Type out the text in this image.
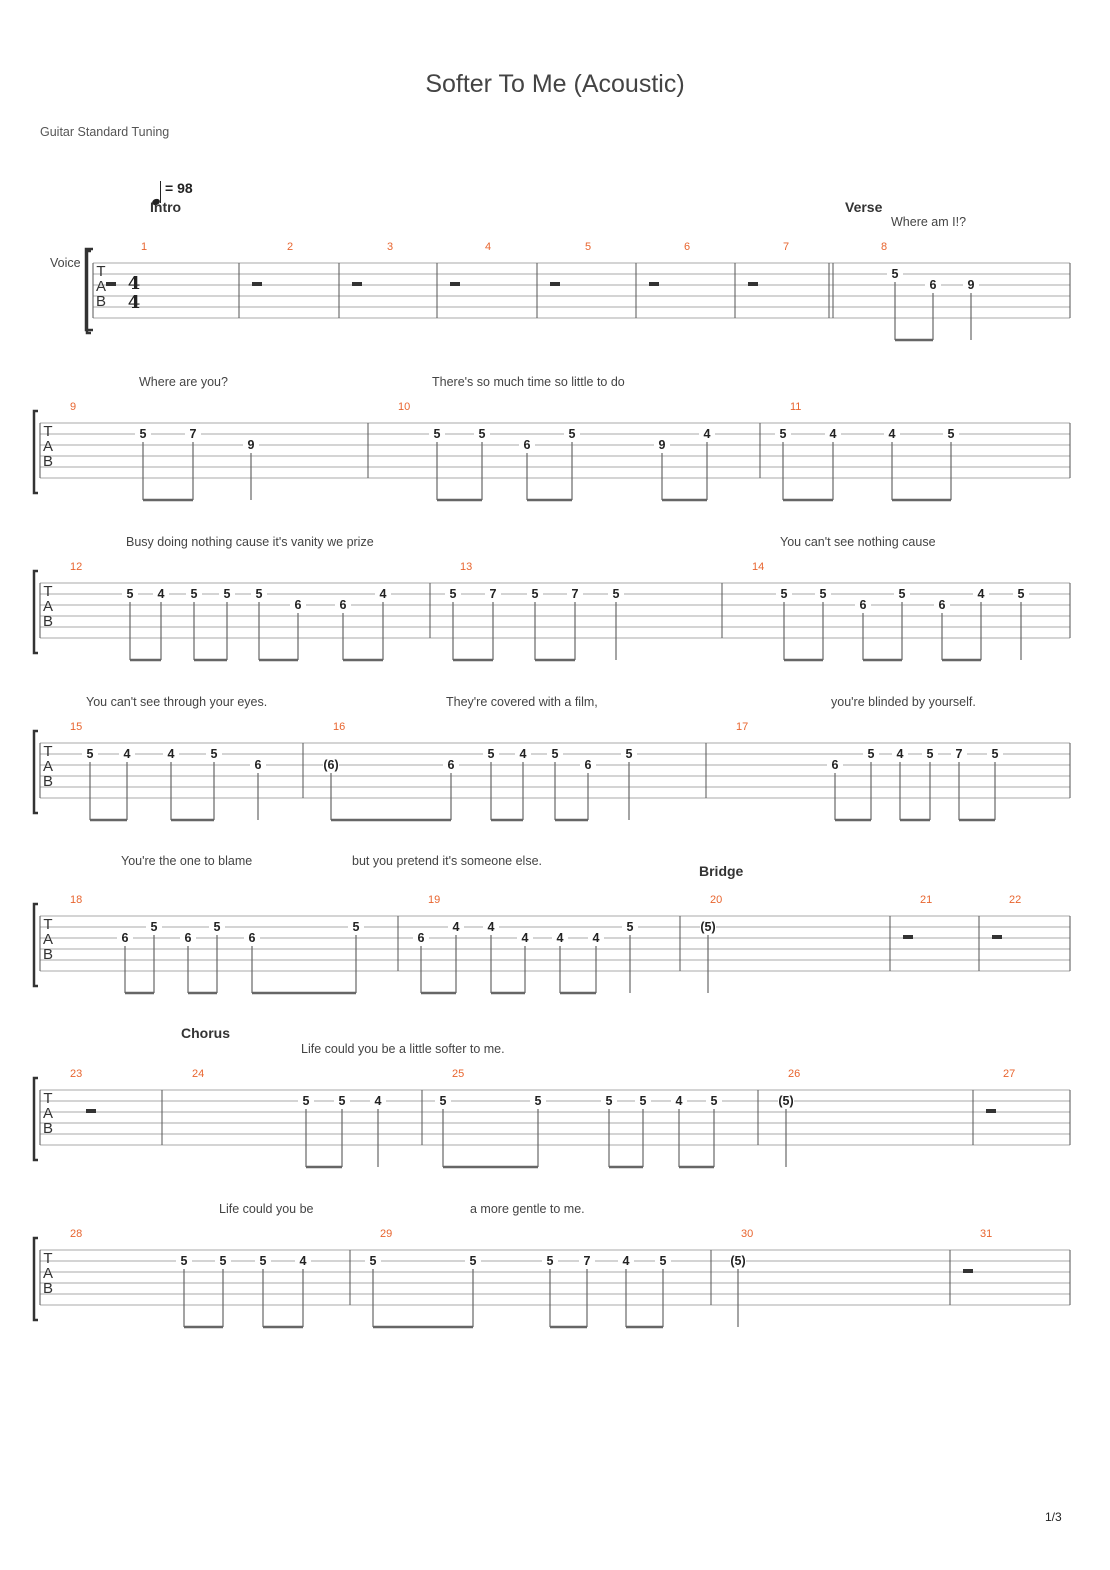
Softer To Me (Acoustic)
Guitar Standard Tuning
= 98
Voice
1/3
T
A
B
T
A
B
T
A
B
T
A
B
T
A
B
T
A
B
T
A
B
4
4
1	2	3	4	5	6	7	8
5
6 9
9
5	7
9
10
5	5
6
5
9
4
11
5	4	4	5
12
5 4 5 5 5
6	6
4
13
5	7	5	7	5
14
5	5
6
5
6
4	5
15
5 4	4	5
6
16
(6)	6
5 4 5
6
5
17
6
5 4 5 7 5
18
6
5
6
5
6
5
19
6
4 4
4 4 4
5
20
(5)
21	22
23	24
5 5 4
25
5	5	5 5 4 5
26
(5)
27
28
5	5	5	4
29
5	5	5 7	4 5
30
(5)
31
Intro	Verse
Bridge
Chorus
Where am I!?
Where are you?	There's so much time so little to do
Busy doing nothing cause it's vanity we prize	You can't see nothing cause
You can't see through your eyes.	They're covered with a film,	you're blinded by yourself.
You're the one to blame	but you pretend it's someone else.
Life could you be a little softer to me.
Life could you be	a more gentle to me.
